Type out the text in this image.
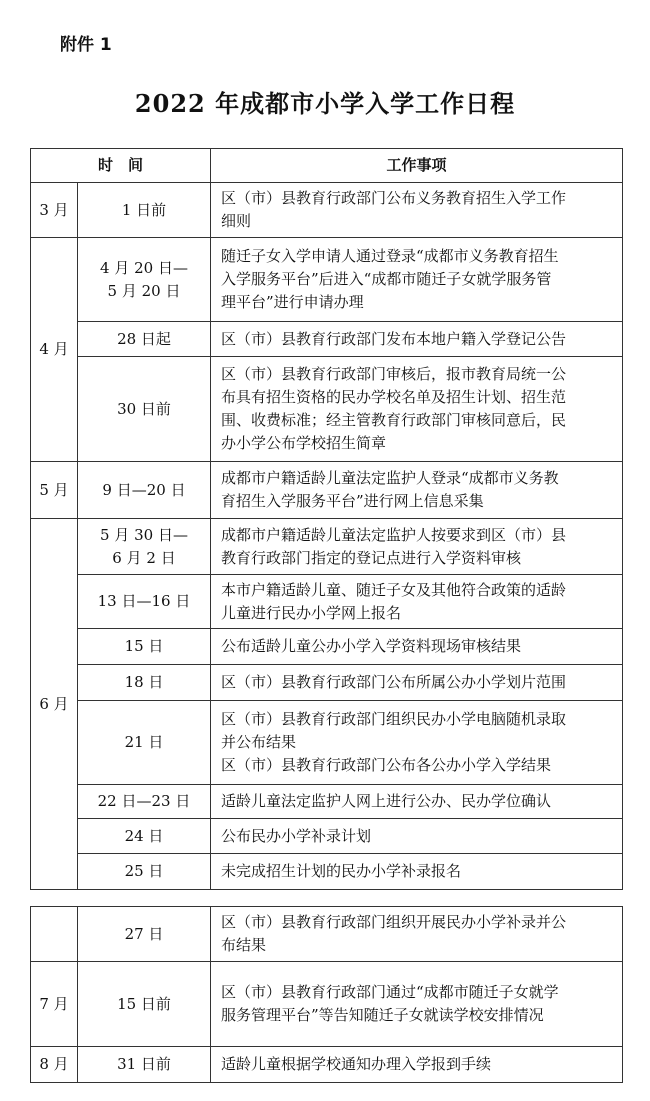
附件 1
2022 年成都市小学入学工作日程
时　间		工作事项
3 月	1 日前	区（市）县教育行政部门公布义务教育招生入学工作
细则

4 月	4 月 20 日—
5 月 20 日	随迁子女入学申请人通过登录“成都市义务教育招生
入学服务平台”后进入“成都市随迁子女就学服务管
理平台”进行申请办理

	28 日起	区（市）县教育行政部门发布本地户籍入学登记公告

	30 日前	区（市）县教育行政部门审核后，报市教育局统一公
布具有招生资格的民办学校名单及招生计划、招生范
围、收费标准；经主管教育行政部门审核同意后，民
办小学公布学校招生简章

5 月	9 日—20 日	成都市户籍适龄儿童法定监护人登录“成都市义务教
育招生入学服务平台”进行网上信息采集

6 月	5 月 30 日—
6 月 2 日	成都市户籍适龄儿童法定监护人按要求到区（市）县
教育行政部门指定的登记点进行入学资料审核

	13 日—16 日	本市户籍适龄儿童、随迁子女及其他符合政策的适龄
儿童进行民办小学网上报名

	15 日	公布适龄儿童公办小学入学资料现场审核结果

	18 日	区（市）县教育行政部门公布所属公办小学划片范围

	21 日	区（市）县教育行政部门组织民办小学电脑随机录取
并公布结果
区（市）县教育行政部门公布各公办小学入学结果

	22 日—23 日	适龄儿童法定监护人网上进行公办、民办学位确认

	24 日	公布民办小学补录计划

	25 日	未完成招生计划的民办小学补录报名

	27 日	区（市）县教育行政部门组织开展民办小学补录并公
布结果

7 月	15 日前	区（市）县教育行政部门通过“成都市随迁子女就学
服务管理平台”等告知随迁子女就读学校安排情况

8 月	31 日前	适龄儿童根据学校通知办理入学报到手续
